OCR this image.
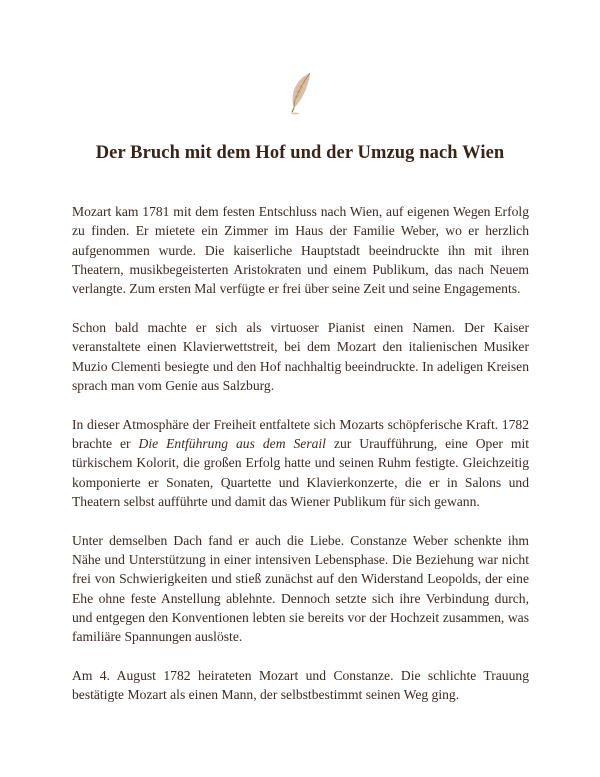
Der Bruch mit dem Hof und der Umzug nach Wien

Mozart kam 1781 mit dem festen Entschluss nach Wien, auf eigenen Wegen Erfolg zu finden. Er mietete ein Zimmer im Haus der Familie Weber, wo er herzlich aufgenommen wurde. Die kaiserliche Hauptstadt beeindruckte ihn mit ihren Theatern, musikbegeisterten Aristokraten und einem Publikum, das nach Neuem verlangte. Zum ersten Mal verfügte er frei über seine Zeit und seine Engagements.

Schon bald machte er sich als virtuoser Pianist einen Namen. Der Kaiser veranstaltete einen Klavierwettstreit, bei dem Mozart den italienischen Musiker Muzio Clementi besiegte und den Hof nachhaltig beeindruckte. In adeligen Kreisen sprach man vom Genie aus Salzburg.

In dieser Atmosphäre der Freiheit entfaltete sich Mozarts schöpferische Kraft. 1782 brachte er Die Entführung aus dem Serail zur Uraufführung, eine Oper mit türkischem Kolorit, die großen Erfolg hatte und seinen Ruhm festigte. Gleichzeitig komponierte er Sonaten, Quartette und Klavierkonzerte, die er in Salons und Theatern selbst aufführte und damit das Wiener Publikum für sich gewann.

Unter demselben Dach fand er auch die Liebe. Constanze Weber schenkte ihm Nähe und Unterstützung in einer intensiven Lebensphase. Die Beziehung war nicht frei von Schwierigkeiten und stieß zunächst auf den Widerstand Leopolds, der eine Ehe ohne feste Anstellung ablehnte. Dennoch setzte sich ihre Verbindung durch, und entgegen den Konventionen lebten sie bereits vor der Hochzeit zusammen, was familiäre Spannungen auslöste.

Am 4. August 1782 heirateten Mozart und Constanze. Die schlichte Trauung bestätigte Mozart als einen Mann, der selbstbestimmt seinen Weg ging.
